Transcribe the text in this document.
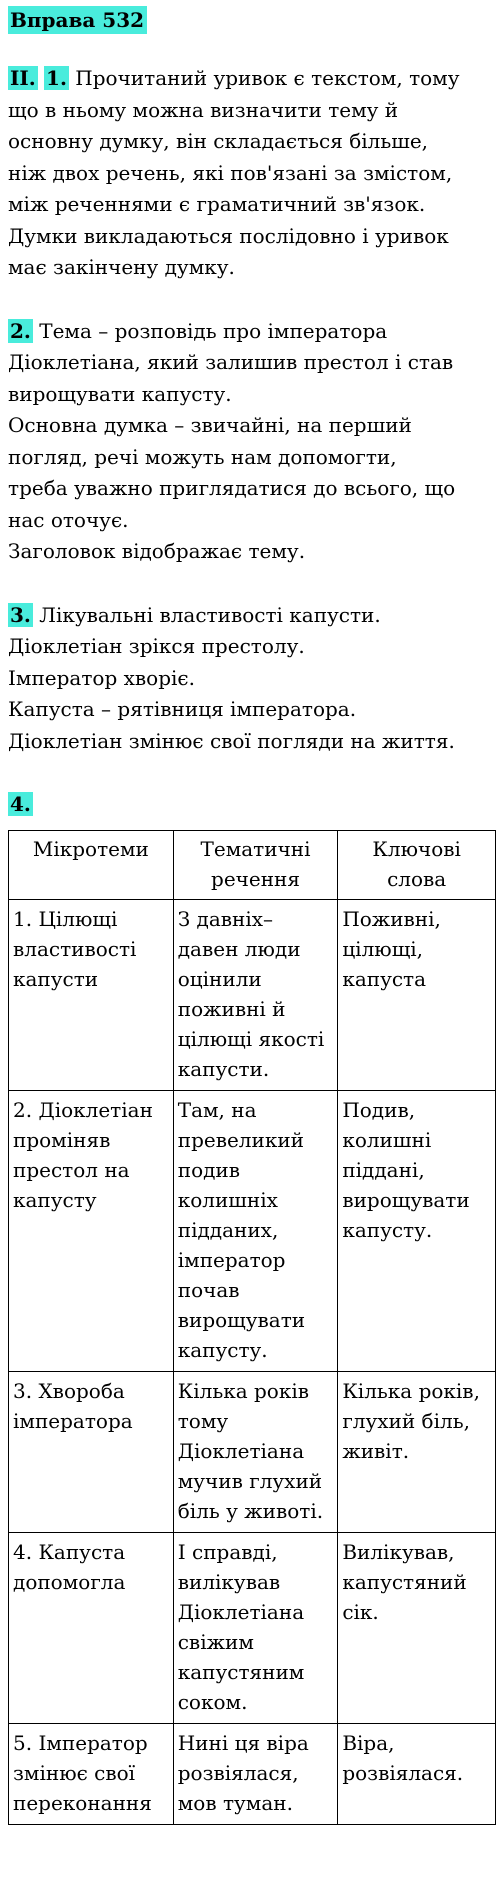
Вправа 532
ІІ. 1. Прочитаний уривок є текстом, тому
що в ньому можна визначити тему й
основну думку, він складається більше,
ніж двох речень, які пов'язані за змістом,
між реченнями є граматичний зв'язок.
Думки викладаються послідовно і уривок
має закінчену думку.
2. Тема – розповідь про імператора
Діоклетіана, який залишив престол і став
вирощувати капусту.
Основна думка – звичайні, на перший
погляд, речі можуть нам допомогти,
треба уважно приглядатися до всього, що
нас оточує.
Заголовок відображає тему.
3. Лікувальні властивості капусти.
Діоклетіан зрікся престолу.
Імператор хворіє.
Капуста – рятівниця імператора.
Діоклетіан змінює свої погляди на життя.
4.
Мікротеми	Тематичні речення	Ключові слова
1. Цілющі властивості капусти	З давніх– давен люди оцінили поживні й цілющі якості капусти.	Поживні, цілющі, капуста
2. Діоклетіан проміняв престол на капусту	Там, на превеликий подив колишніх підданих, імператор почав вирощувати капусту.	Подив, колишні піддані, вирощувати капусту.
3. Хвороба імператора	Кілька років тому Діоклетіана мучив глухий біль у животі.	Кілька років, глухий біль, живіт.
4. Капуста допомогла	І справді, вилікував Діоклетіана свіжим капустяним соком.	Вилікував, капустяний сік.
5. Імператор змінює свої переконання	Нині ця віра розвіялася, мов туман.	Віра, розвіялася.
